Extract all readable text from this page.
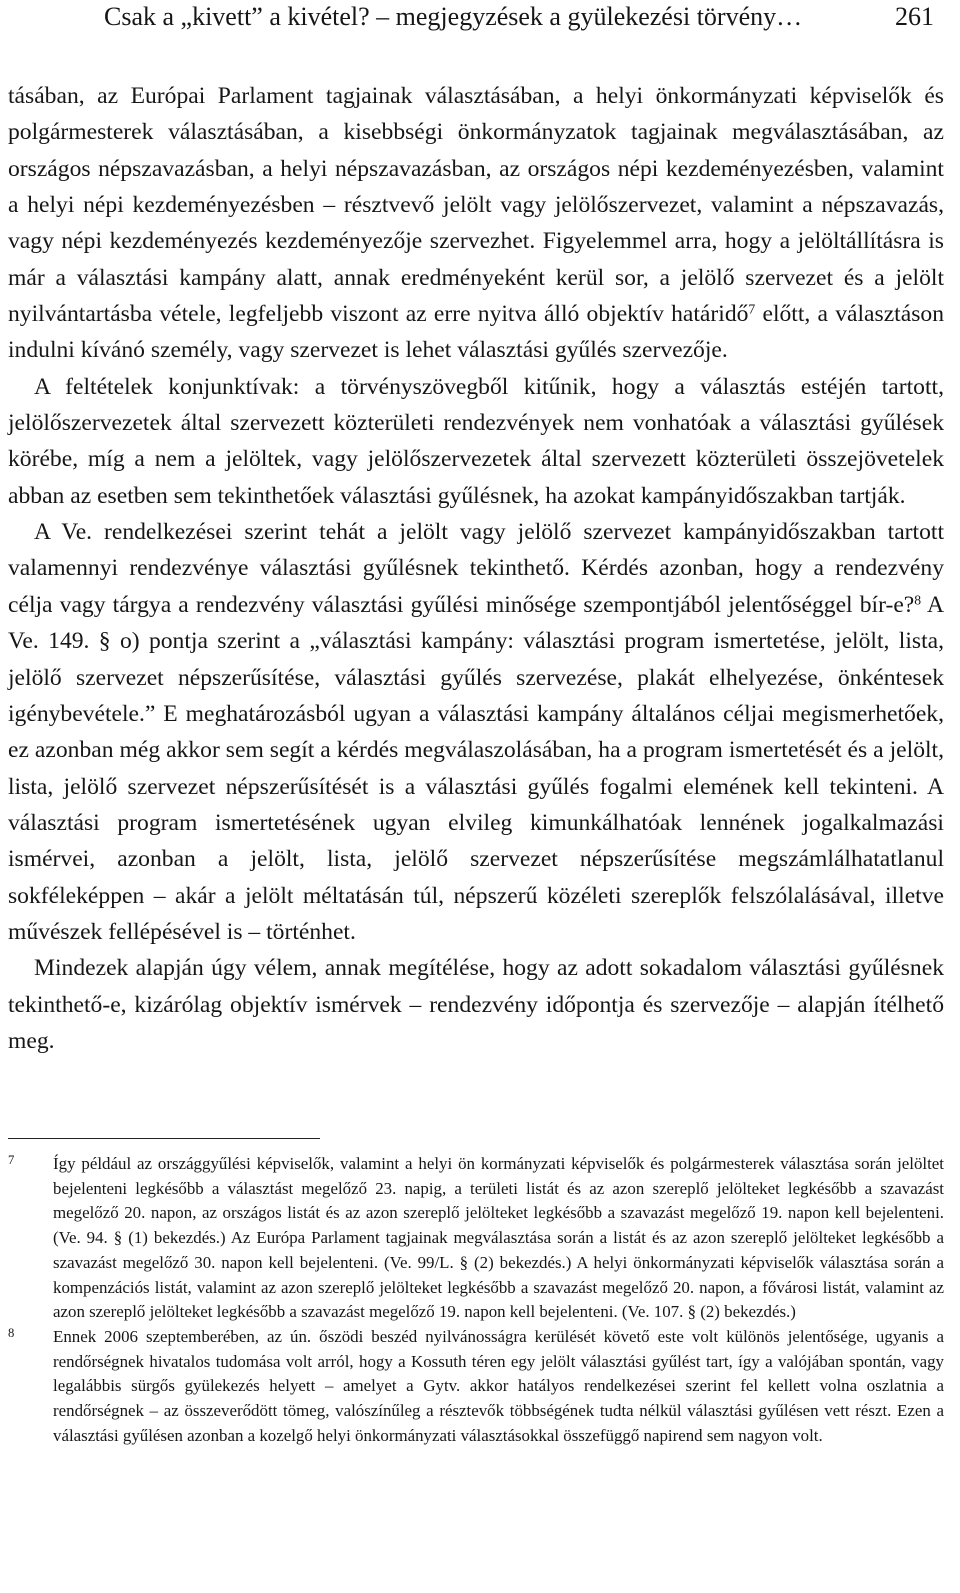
Csak a „kivett” a kivétel? – megjegyzések a gyülekezési törvény…	261

tásában, az Európai Parlament tagjainak választásában, a helyi önkormányzati képviselők és polgármesterek választásában, a kisebbségi önkormányzatok tagjainak megválasztásában, az országos népszavazásban, a helyi népszavazásban, az országos népi kezdeményezésben, valamint a helyi népi kezdeményezésben – résztvevő jelölt vagy jelölőszervezet, valamint a népszavazás, vagy népi kezdeményezés kezdeményezője szervezhet. Figyelemmel arra, hogy a jelöltállításra is már a választási kampány alatt, annak eredményeként kerül sor, a jelölő szervezet és a jelölt nyilvántartásba vétele, legfeljebb viszont az erre nyitva álló objektív határidő$^7$ előtt, a választáson indulni kívánó személy, vagy szervezet is lehet választási gyűlés szervezője.

A feltételek konjunktívak: a törvényszövegből kitűnik, hogy a választás estéjén tartott, jelölőszervezetek által szervezett közterületi rendezvények nem vonhatóak a választási gyűlések körébe, míg a nem a jelöltek, vagy jelölőszervezetek által szervezett közterületi összejövetelek abban az esetben sem tekinthetőek választási gyűlésnek, ha azokat kampányidőszakban tartják.

A Ve. rendelkezései szerint tehát a jelölt vagy jelölő szervezet kampányidőszakban tartott valamennyi rendezvénye választási gyűlésnek tekinthető. Kérdés azonban, hogy a rendezvény célja vagy tárgya a rendezvény választási gyűlési minősége szempontjából jelentőséggel bír-e?$^8$ A Ve. 149. § o) pontja szerint a „választási kampány: választási program ismertetése, jelölt, lista, jelölő szervezet népszerűsítése, választási gyűlés szervezése, plakát elhelyezése, önkéntesek igénybevétele.” E meghatározásból ugyan a választási kampány általános céljai megismerhetőek, ez azonban még akkor sem segít a kérdés megválaszolásában, ha a program ismertetését és a jelölt, lista, jelölő szervezet népszerűsítését is a választási gyűlés fogalmi elemének kell tekinteni. A választási program ismertetésének ugyan elvileg kimunkálhatóak lennének jogalkalmazási ismérvei, azonban a jelölt, lista, jelölő szervezet népszerűsítése megszámlálhatatlanul sokféleképpen – akár a jelölt méltatásán túl, népszerű közéleti szereplők felszólalásával, illetve művészek fellépésével is – történhet.

Mindezek alapján úgy vélem, annak megítélése, hogy az adott sokadalom választási gyűlésnek tekinthető-e, kizárólag objektív ismérvek – rendezvény időpontja és szervezője – alapján ítélhető meg.

7 Így például az országgyűlési képviselők, valamint a helyi ön kormányzati képviselők és polgármesterek választása során jelöltet bejelenteni legkésőbb a választást megelőző 23. napig, a területi listát és az azon szereplő jelölteket legkésőbb a szavazást megelőző 20. napon, az országos listát és az azon szereplő jelölteket legkésőbb a szavazást megelőző 19. napon kell bejelenteni. (Ve. 94. § (1) bekezdés.) Az Európa Parlament tagjainak megválasztása során a listát és az azon szereplő jelölteket legkésőbb a szavazást megelőző 30. napon kell bejelenteni. (Ve. 99/L. § (2) bekezdés.) A helyi önkormányzati képviselők választása során a kompenzációs listát, valamint az azon szereplő jelölteket legkésőbb a szavazást megelőző 20. napon, a fővárosi listát, valamint az azon szereplő jelölteket legkésőbb a szavazást megelőző 19. napon kell bejelenteni. (Ve. 107. § (2) bekezdés.)

8 Ennek 2006 szeptemberében, az ún. őszödi beszéd nyilvánosságra kerülését követő este volt különös jelentősége, ugyanis a rendőrségnek hivatalos tudomása volt arról, hogy a Kossuth téren egy jelölt választási gyűlést tart, így a valójában spontán, vagy legalábbis sürgős gyülekezés helyett – amelyet a Gytv. akkor hatályos rendelkezései szerint fel kellett volna oszlatnia a rendőrségnek – az összeverődött tömeg, valószínűleg a résztevők többségének tudta nélkül választási gyűlésen vett részt. Ezen a választási gyűlésen azonban a kozelgő helyi önkormányzati választásokkal összefüggő napirend sem nagyon volt.
